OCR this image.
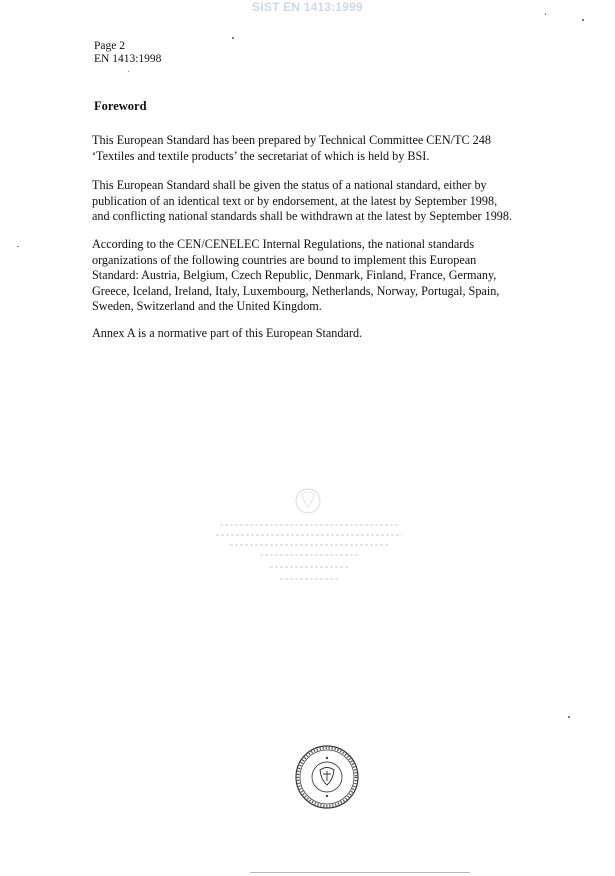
SIST EN 1413:1999
Page 2
EN 1413:1998
Foreword
This European Standard has been prepared by Technical Committee CEN/TC 248
‘Textiles and textile products’ the secretariat of which is held by BSI.
This European Standard shall be given the status of a national standard, either by
publication of an identical text or by endorsement, at the latest by September 1998,
and conflicting national standards shall be withdrawn at the latest by September 1998.
According to the CEN/CENELEC Internal Regulations, the national standards
organizations of the following countries are bound to implement this European
Standard: Austria, Belgium, Czech Republic, Denmark, Finland, France, Germany,
Greece, Iceland, Ireland, Italy, Luxembourg, Netherlands, Norway, Portugal, Spain,
Sweden, Switzerland and the United Kingdom.
Annex A is a normative part of this European Standard.
